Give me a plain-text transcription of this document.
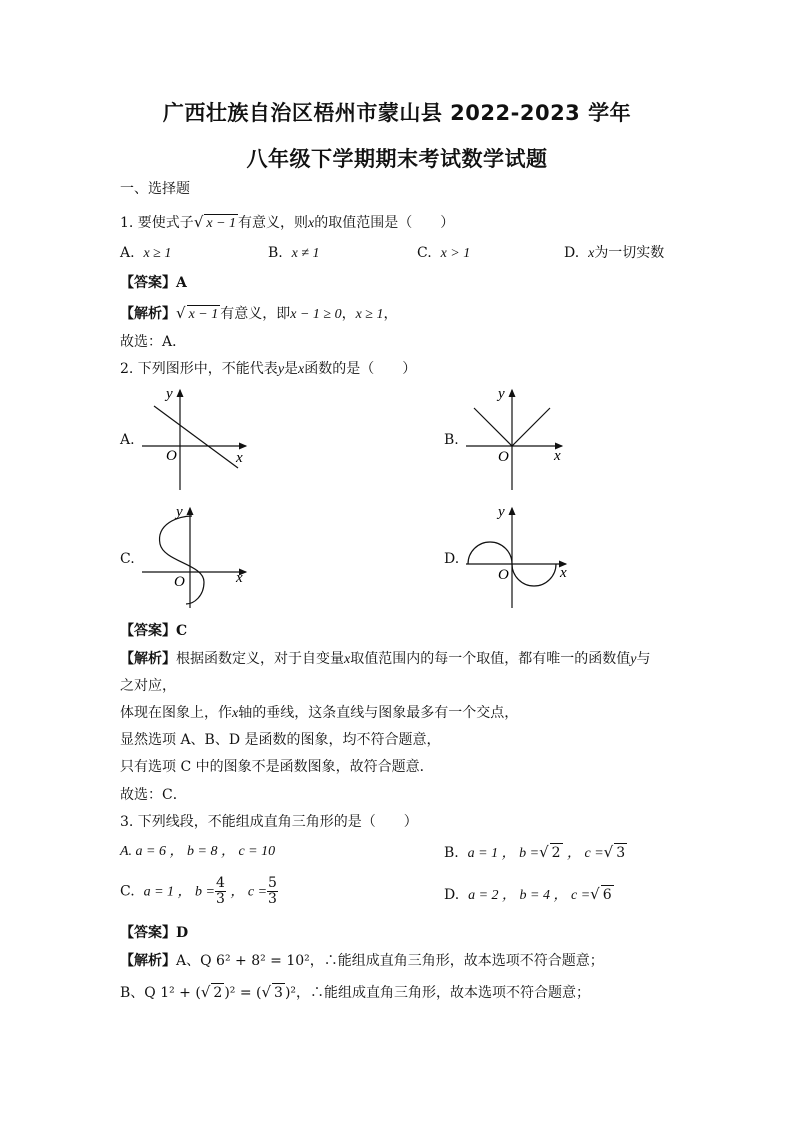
广西壮族自治区梧州市蒙山县 2022-2023 学年
八年级下学期期末考试数学试题
一、选择题
1. 要使式子√ x − 1 有意义，则x的取值范围是（　　）
A. x ≥ 1	B. x ≠ 1	C. x > 1	D. x为一切实数
【答案】A
【解析】√ x − 1 有意义，即x − 1 ≥ 0，x ≥ 1，
故选：A．
2. 下列图形中，不能代表y是x函数的是（　　）
A.
O	x
y
B.
O	x
y
C.
O	x
y
D.
O	x
y
【答案】C
【解析】根据函数定义，对于自变量x取值范围内的每一个取值，都有唯一的函数值y与
之对应，
体现在图象上，作x轴的垂线，这条直线与图象最多有一个交点，
显然选项 A、B、D 是函数的图象，均不符合题意，
只有选项 C 中的图象不是函数图象，故符合题意．
故选：C．
3. 下列线段，不能组成直角三角形的是（　　）
A. a = 6 ， b = 8 ， c = 10	B. a = 1 ， b =√ 2 ， c =√ 3
C. a = 1 ， $b = \frac{4}{3}$ ， $c = \frac{5}{3}$	D. a = 2 ， b = 4 ， c =√ 6
【答案】D
【解析】A、Q 6² + 8² = 10²，∴能组成直角三角形，故本选项不符合题意；
B、Q 1² + (√ 2 )² = (√ 3 )²，∴能组成直角三角形，故本选项不符合题意；
